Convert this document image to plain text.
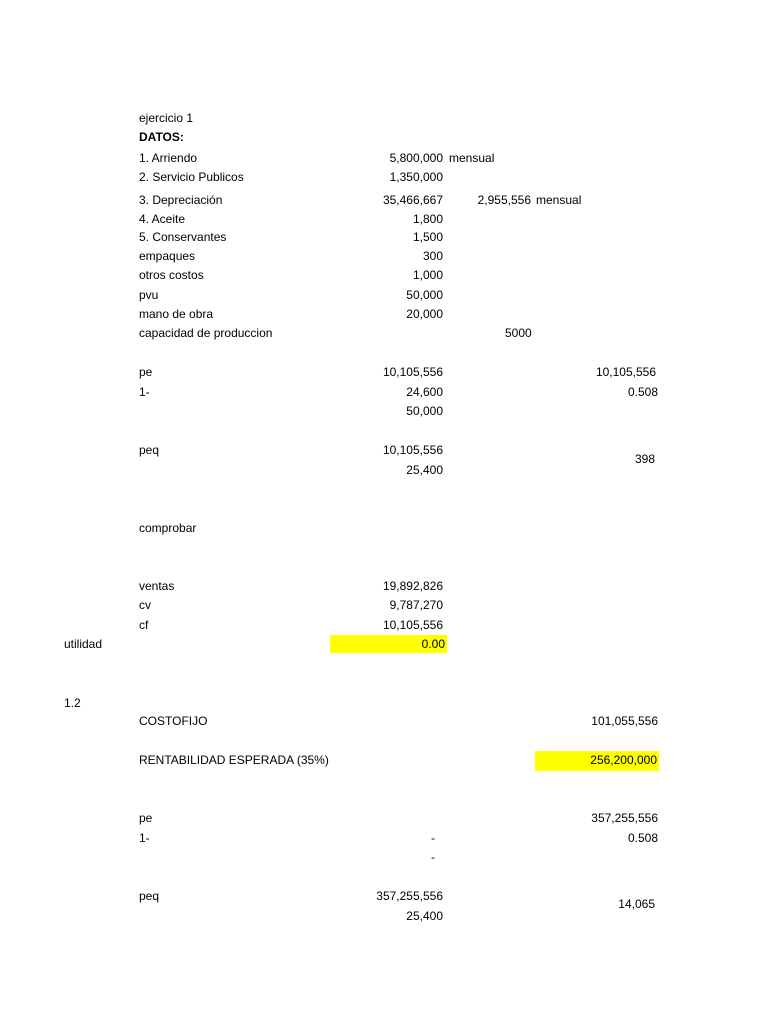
ejercicio 1
DATOS:
1. Arriendo	5,800,000 mensual
2. Servicio Publicos	1,350,000
3. Depreciación	35,466,667	2,955,556 mensual
4. Aceite	1,800
5. Conservantes	1,500
empaques	300
otros costos	1,000
pvu	50,000
mano de obra	20,000
capacidad de produccion	5000
pe	10,105,556	10,105,556
1-	24,600	0.508
50,000
peq	10,105,556
398
25,400
comprobar
ventas	19,892,826
cv	9,787,270
cf	10,105,556
utilidad	0.00
1.2
COSTOFIJO	101,055,556
RENTABILIDAD ESPERADA (35%)	256,200,000
pe	357,255,556
1-	-	0.508
-
peq	357,255,556
14,065
25,400
